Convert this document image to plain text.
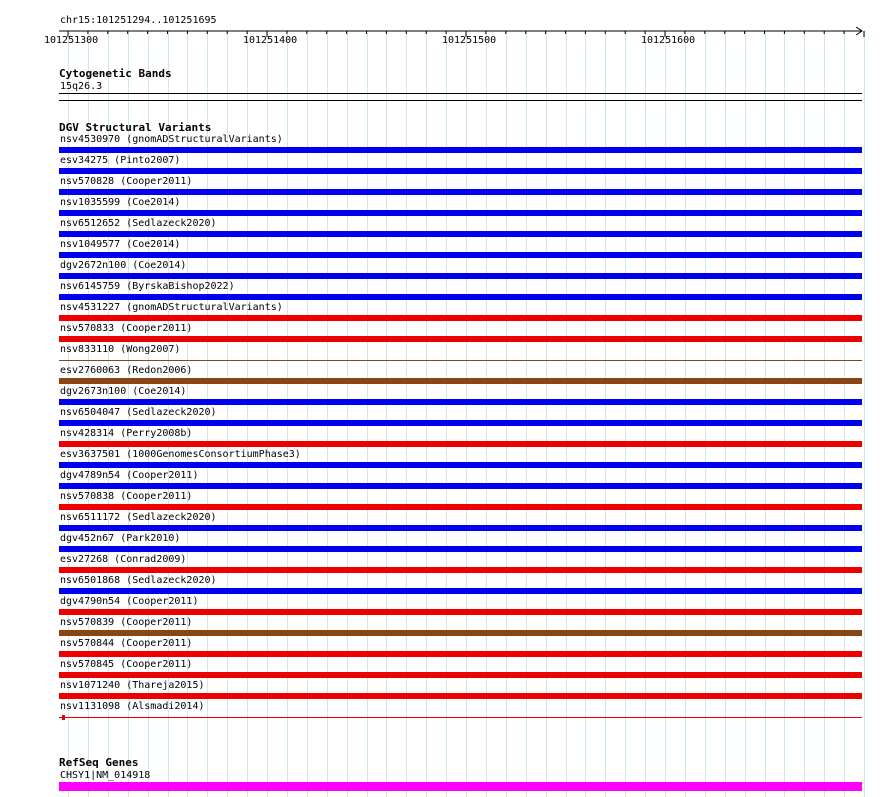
chr15:101251294..101251695
101251300	101251400	101251500	101251600
Cytogenetic Bands
15q26.3
DGV Structural Variants
nsv4530970 (gnomADStructuralVariants)
esv34275 (Pinto2007)
nsv570828 (Cooper2011)
nsv1035599 (Coe2014)
nsv6512652 (Sedlazeck2020)
nsv1049577 (Coe2014)
dgv2672n100 (Coe2014)
nsv6145759 (ByrskaBishop2022)
nsv4531227 (gnomADStructuralVariants)
nsv570833 (Cooper2011)
nsv833110 (Wong2007)
esv2760063 (Redon2006)
dgv2673n100 (Coe2014)
nsv6504047 (Sedlazeck2020)
nsv428314 (Perry2008b)
esv3637501 (1000GenomesConsortiumPhase3)
dgv4789n54 (Cooper2011)
nsv570838 (Cooper2011)
nsv6511172 (Sedlazeck2020)
dgv452n67 (Park2010)
esv27268 (Conrad2009)
nsv6501868 (Sedlazeck2020)
dgv4790n54 (Cooper2011)
nsv570839 (Cooper2011)
nsv570844 (Cooper2011)
nsv570845 (Cooper2011)
nsv1071240 (Thareja2015)
nsv1131098 (Alsmadi2014)
RefSeq Genes
CHSY1|NM_014918
